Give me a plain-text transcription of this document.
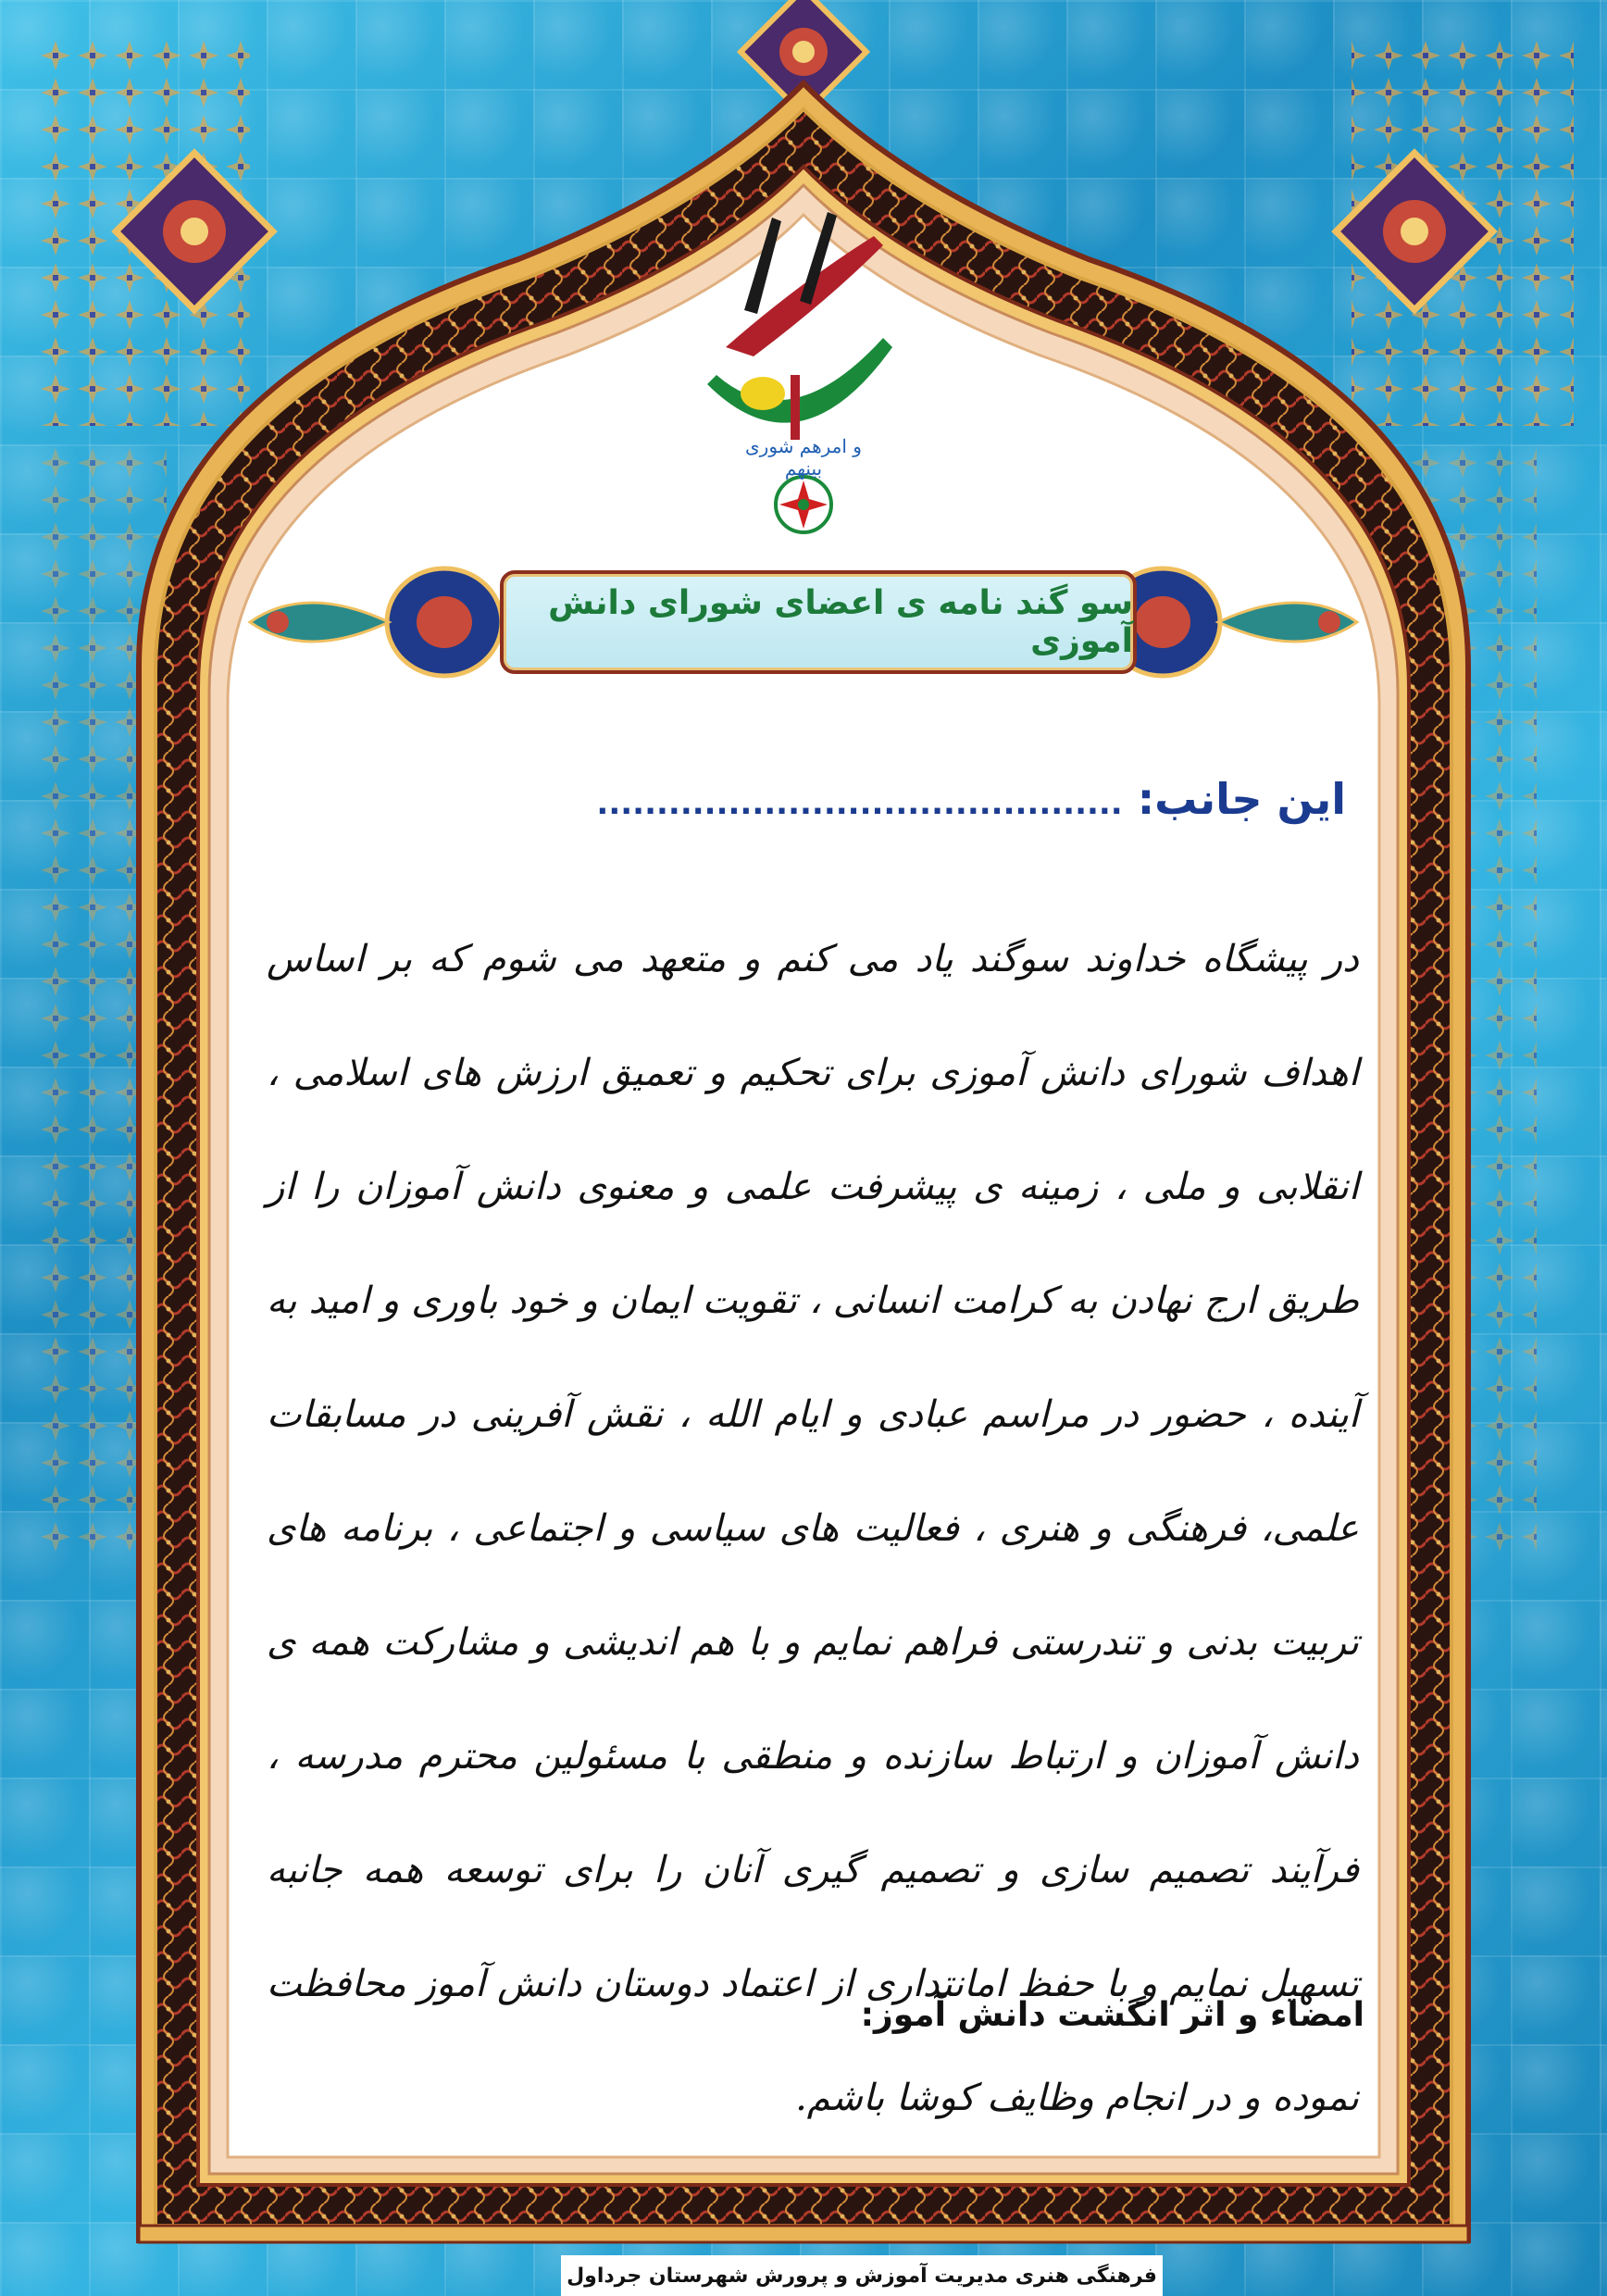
و امرهم شوری بینهم
سو گند نامه ی اعضای شورای دانش آموزی
این جانب: ............................................
در پیشگاه خداوند سوگند یاد می کنم و متعهد می شوم که بر اساس اهداف شورای دانش آموزی برای تحکیم و تعمیق ارزش های اسلامی ، انقلابی و ملی ، زمینه ی پیشرفت علمی و معنوی دانش آموزان را از طریق ارج نهادن به کرامت انسانی ، تقویت ایمان و خود باوری و امید به آینده ، حضور در مراسم عبادی و ایام الله ، نقش آفرینی در مسابقات علمی، فرهنگی و هنری ، فعالیت های سیاسی و اجتماعی ، برنامه های تربیت بدنی و تندرستی فراهم نمایم و با هم اندیشی و مشارکت همه ی دانش آموزان و ارتباط سازنده و منطقی با مسئولین محترم مدرسه ، فرآیند تصمیم سازی و تصمیم گیری آنان را برای توسعه همه جانبه تسهیل نمایم و با حفظ امانتداری از اعتماد دوستان دانش آموز محافظت نموده و در انجام وظایف کوشا باشم.
امضاء و اثر انگشت دانش آموز:
فرهنگی هنری مدیریت آموزش و پرورش شهرستان جرداول
